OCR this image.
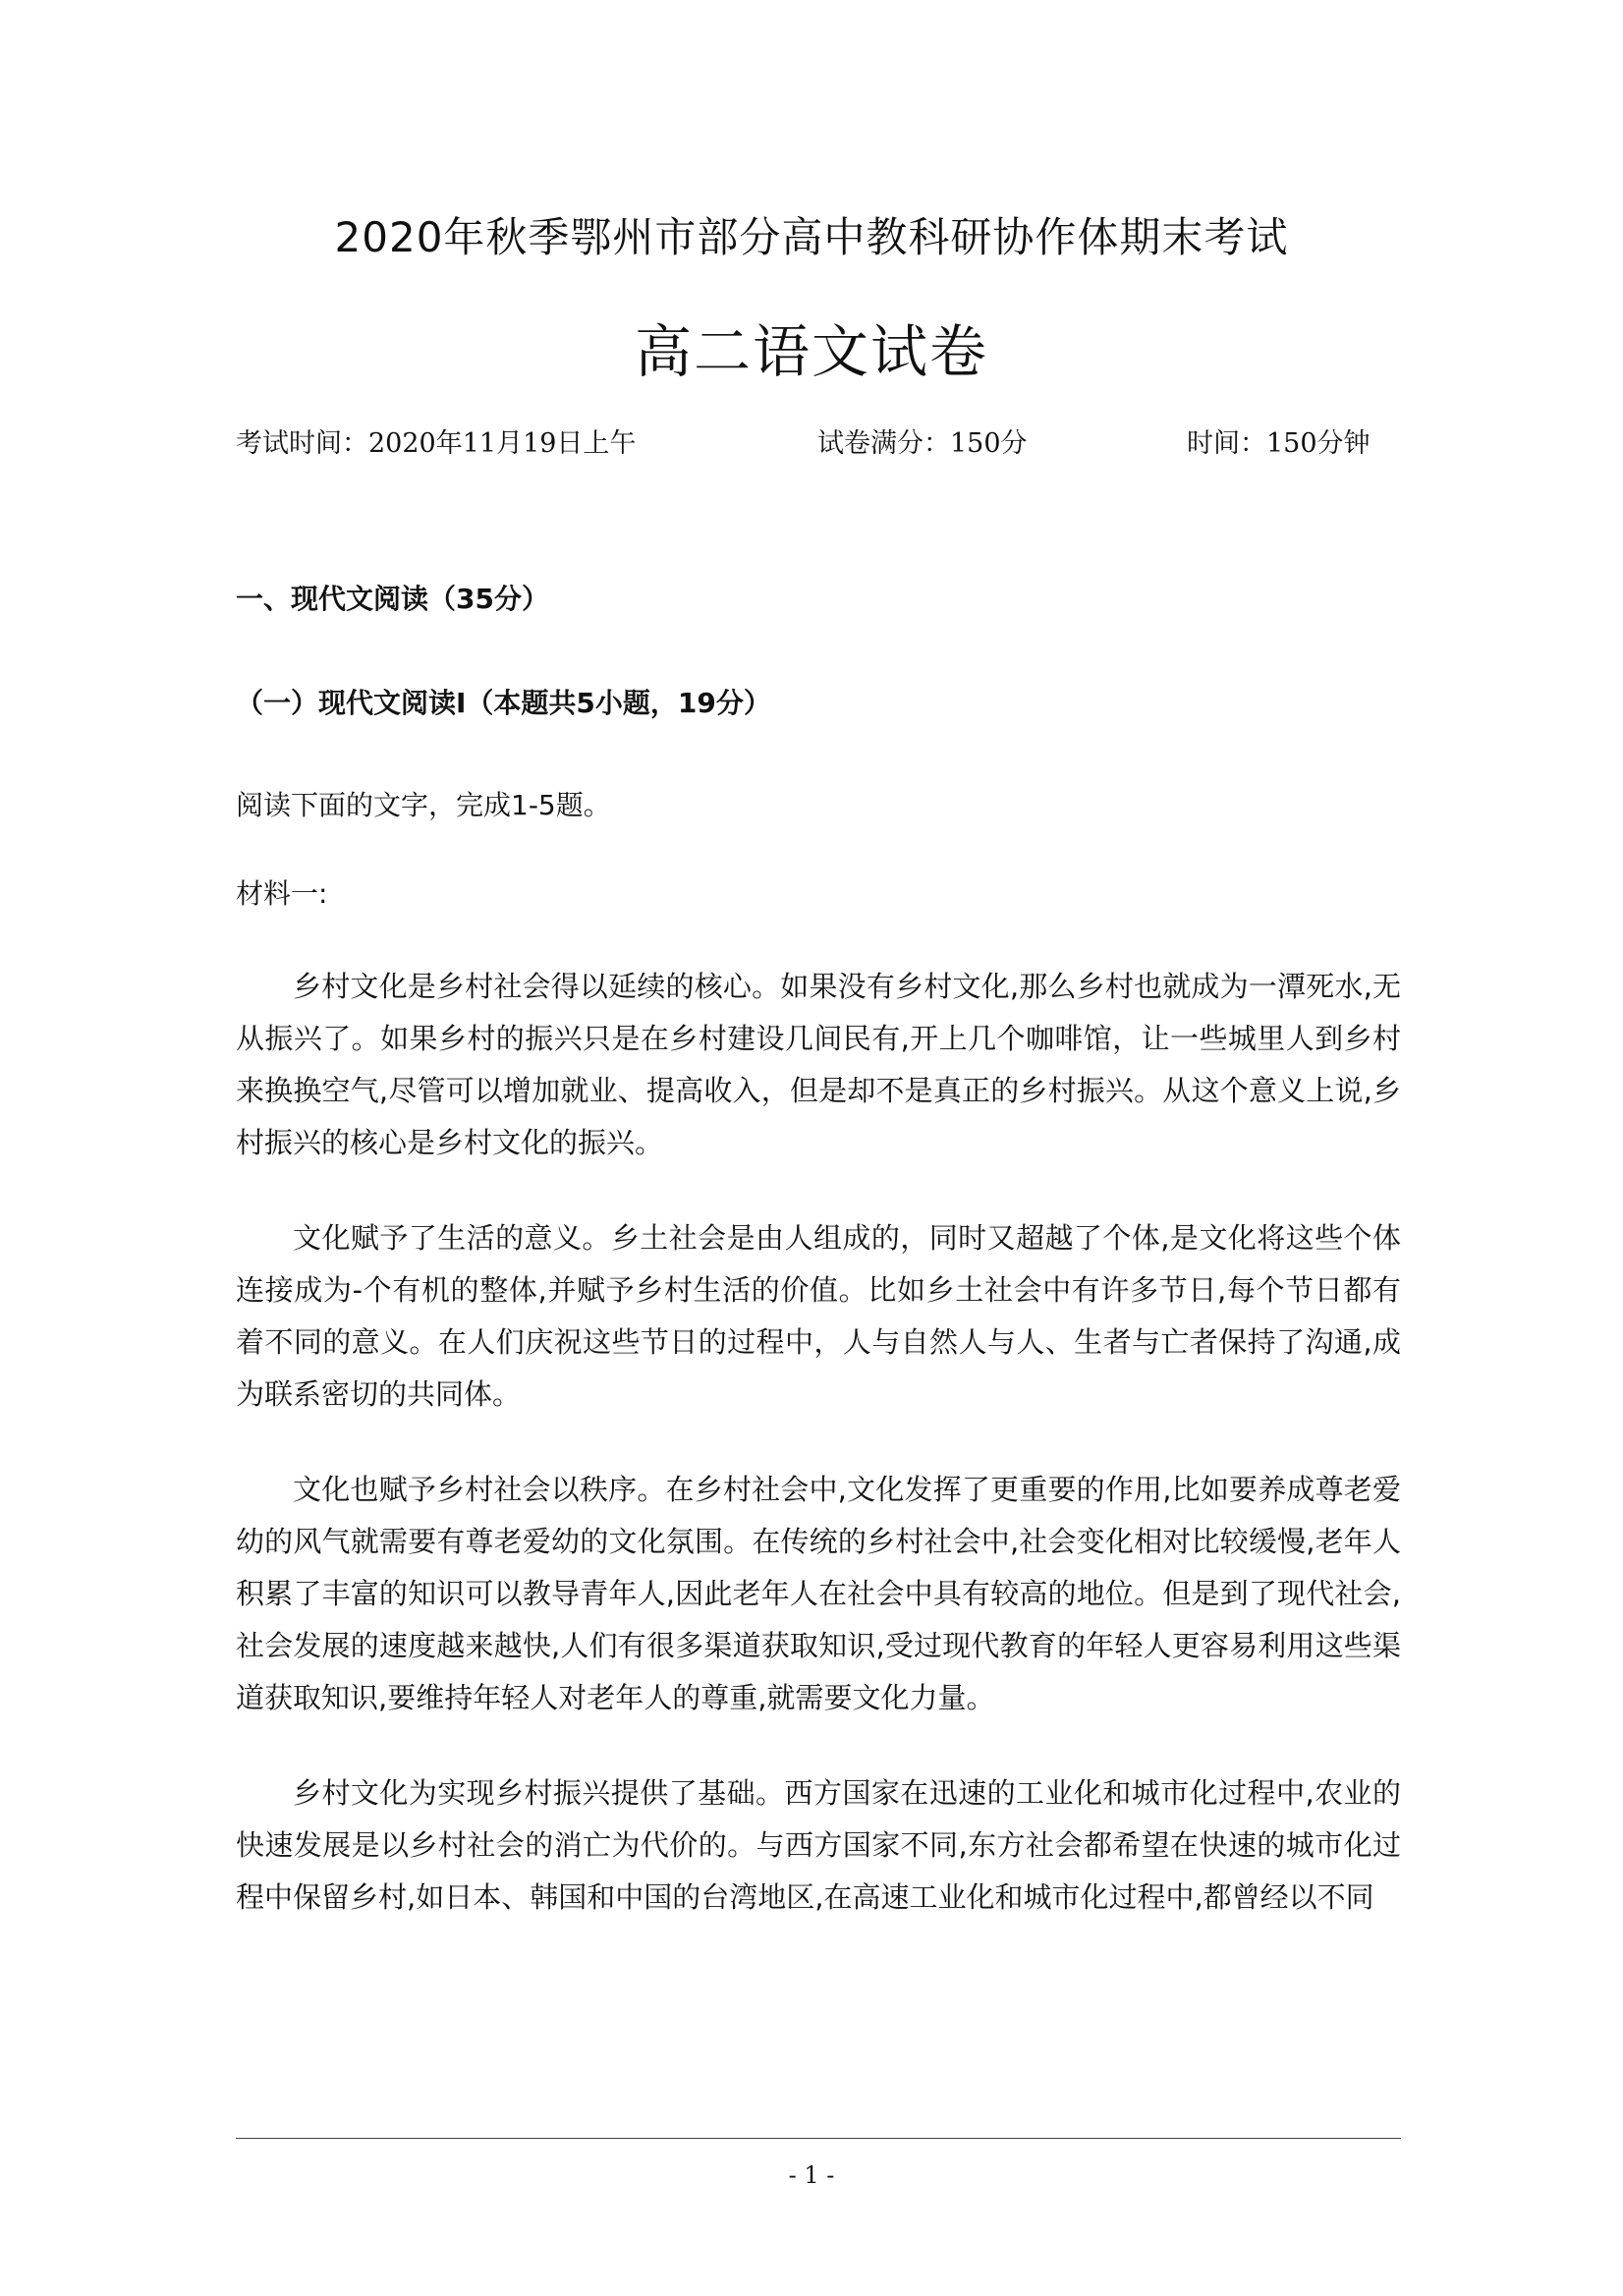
2020年秋季鄂州市部分高中教科研协作体期末考试
高二语文试卷
考试时间：2020年11月19日上午	试卷满分：150分	时间：150分钟
一、现代文阅读（35分）
（一）现代文阅读Ⅰ（本题共5小题，19分）
阅读下面的文字，完成1-5题。
材料一:

乡村文化是乡村社会得以延续的核心。如果没有乡村文化,那么乡村也就成为一潭死水,无从振兴了。如果乡村的振兴只是在乡村建设几间民有,开上几个咖啡馆，让一些城里人到乡村来换换空气,尽管可以增加就业、提高收入，但是却不是真正的乡村振兴。从这个意义上说,乡村振兴的核心是乡村文化的振兴。

文化赋予了生活的意义。乡土社会是由人组成的，同时又超越了个体,是文化将这些个体连接成为-个有机的整体,并赋予乡村生活的价值。比如乡土社会中有许多节日,每个节日都有着不同的意义。在人们庆祝这些节日的过程中，人与自然人与人、生者与亡者保持了沟通,成为联系密切的共同体。

文化也赋予乡村社会以秩序。在乡村社会中,文化发挥了更重要的作用,比如要养成尊老爱幼的风气就需要有尊老爱幼的文化氛围。在传统的乡村社会中,社会变化相对比较缓慢,老年人积累了丰富的知识可以教导青年人,因此老年人在社会中具有较高的地位。但是到了现代社会,社会发展的速度越来越快,人们有很多渠道获取知识,受过现代教育的年轻人更容易利用这些渠道获取知识,要维持年轻人对老年人的尊重,就需要文化力量。

乡村文化为实现乡村振兴提供了基础。西方国家在迅速的工业化和城市化过程中,农业的快速发展是以乡村社会的消亡为代价的。与西方国家不同,东方社会都希望在快速的城市化过程中保留乡村,如日本、韩国和中国的台湾地区,在高速工业化和城市化过程中,都曾经以不同

- 1 -
